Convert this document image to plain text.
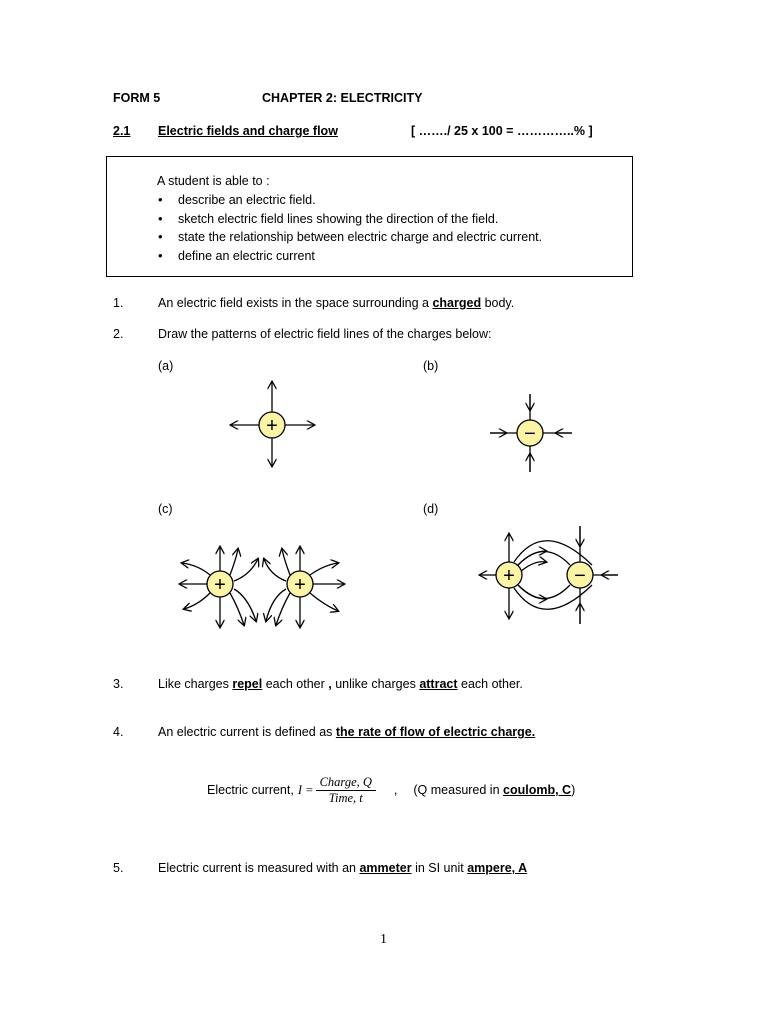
FORM 5	CHAPTER 2: ELECTRICITY
2.1 Electric fields and charge flow	[ ……./ 25 x 100 = …………..% ]
A student is able to :
• describe an electric field.
• sketch electric field lines showing the direction of the field.
• state the relationship between electric charge and electric current.
• define an electric current
1.	An electric field exists in the space surrounding a charged body.
2.	Draw the patterns of electric field lines of the charges below:
(a)	(b)
(c)	(d)
+	−
+	+	+	−
3.	Like charges repel each other , unlike charges attract each other.
4.	An electric current is defined as the rate of flow of electric charge.
Electric current, $I = \frac{\text{Charge, Q}}{\text{Time, t}}$ , (Q measured in coulomb, C)
5.	Electric current is measured with an ammeter in SI unit ampere, A
1
